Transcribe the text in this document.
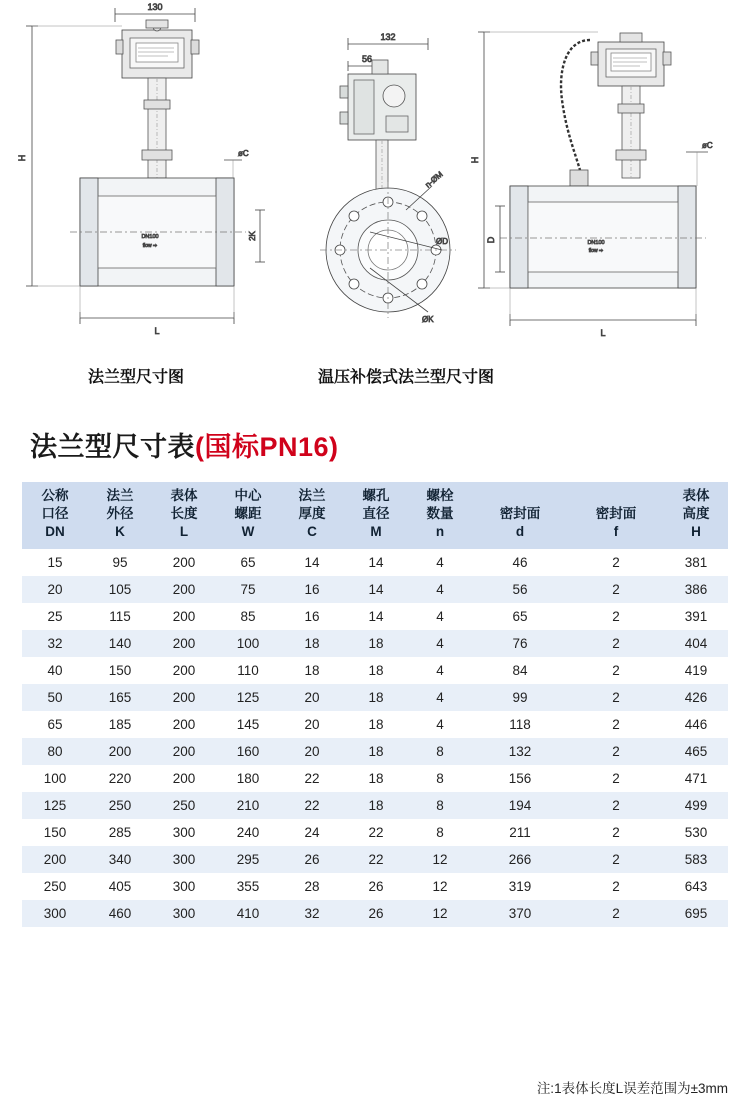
130
DN100
flow ⇨
H
L
øC
2K
132
56
n-ØM
ØD
ØK
DN100
flow ⇨
H
D
L
øC
法兰型尺寸图	温压补偿式法兰型尺寸图
法兰型尺寸表(国标PN16)
公称
口径
DN	法兰
外径
K	表体
长度
L	中心
螺距
W	法兰
厚度
C	螺孔
直径
M	螺栓
数量
n	密封面
d	密封面
f	表体
高度
H

15	95	200	65	14	14	4	46	2	381
20	105	200	75	16	14	4	56	2	386
25	115	200	85	16	14	4	65	2	391
32	140	200	100	18	18	4	76	2	404
40	150	200	110	18	18	4	84	2	419
50	165	200	125	20	18	4	99	2	426
65	185	200	145	20	18	4	118	2	446
80	200	200	160	20	18	8	132	2	465
100	220	200	180	22	18	8	156	2	471
125	250	250	210	22	18	8	194	2	499
150	285	300	240	24	22	8	211	2	530
200	340	300	295	26	22	12	266	2	583
250	405	300	355	28	26	12	319	2	643
300	460	300	410	32	26	12	370	2	695
注:1表体长度L误差范围为±3mm
